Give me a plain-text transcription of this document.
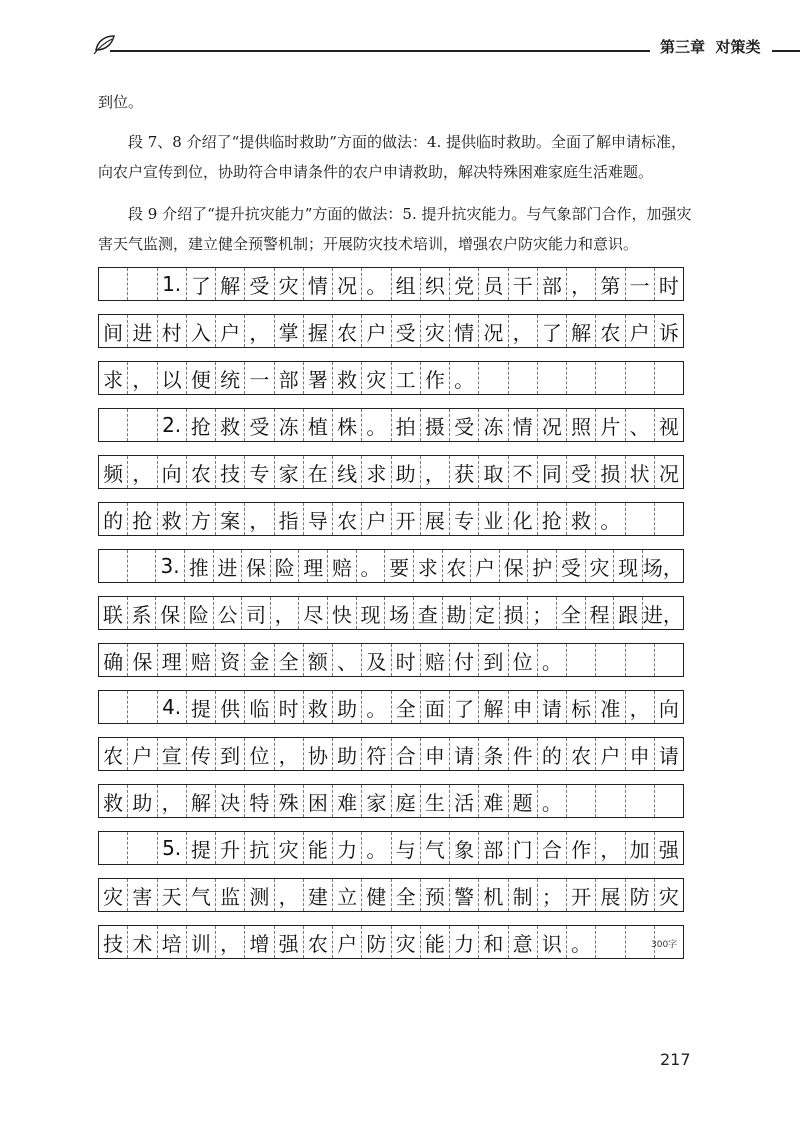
第三章 对策类
到位。
段 7、8 介绍了“提供临时救助”方面的做法：4. 提供临时救助。全面了解申请标准，向农户宣传到位，协助符合申请条件的农户申请救助，解决特殊困难家庭生活难题。
段 9 介绍了“提升抗灾能力”方面的做法：5. 提升抗灾能力。与气象部门合作，加强灾害天气监测，建立健全预警机制；开展防灾技术培训，增强农户防灾能力和意识。
1. 了 解 受 灾 情 况 。 组 织 党 员 干 部 ， 第 一 时
间 进 村 入 户 ， 掌 握 农 户 受 灾 情 况 ， 了 解 农 户 诉
求 ， 以 便 统 一 部 署 救 灾 工 作 。
2. 抢 救 受 冻 植 株 。 拍 摄 受 冻 情 况 照 片 、 视
频 ， 向 农 技 专 家 在 线 求 助 ， 获 取 不 同 受 损 状 况
的 抢 救 方 案 ， 指 导 农 户 开 展 专 业 化 抢 救 。
3. 推 进 保 险 理 赔 。 要 求 农 户 保 护 受 灾 现 场，
联 系 保 险 公 司 ， 尽 快 现 场 查 勘 定 损 ； 全 程 跟 进，
确 保 理 赔 资 金 全 额 、 及 时 赔 付 到 位 。
4. 提 供 临 时 救 助 。 全 面 了 解 申 请 标 准 ， 向
农 户 宣 传 到 位 ， 协 助 符 合 申 请 条 件 的 农 户 申 请
救 助 ， 解 决 特 殊 困 难 家 庭 生 活 难 题 。
5. 提 升 抗 灾 能 力 。 与 气 象 部 门 合 作 ， 加 强
灾 害 天 气 监 测 ， 建 立 健 全 预 警 机 制 ； 开 展 防 灾
技 术 培 训 ， 增 强 农 户 防 灾 能 力 和 意 识 。	300字
217
